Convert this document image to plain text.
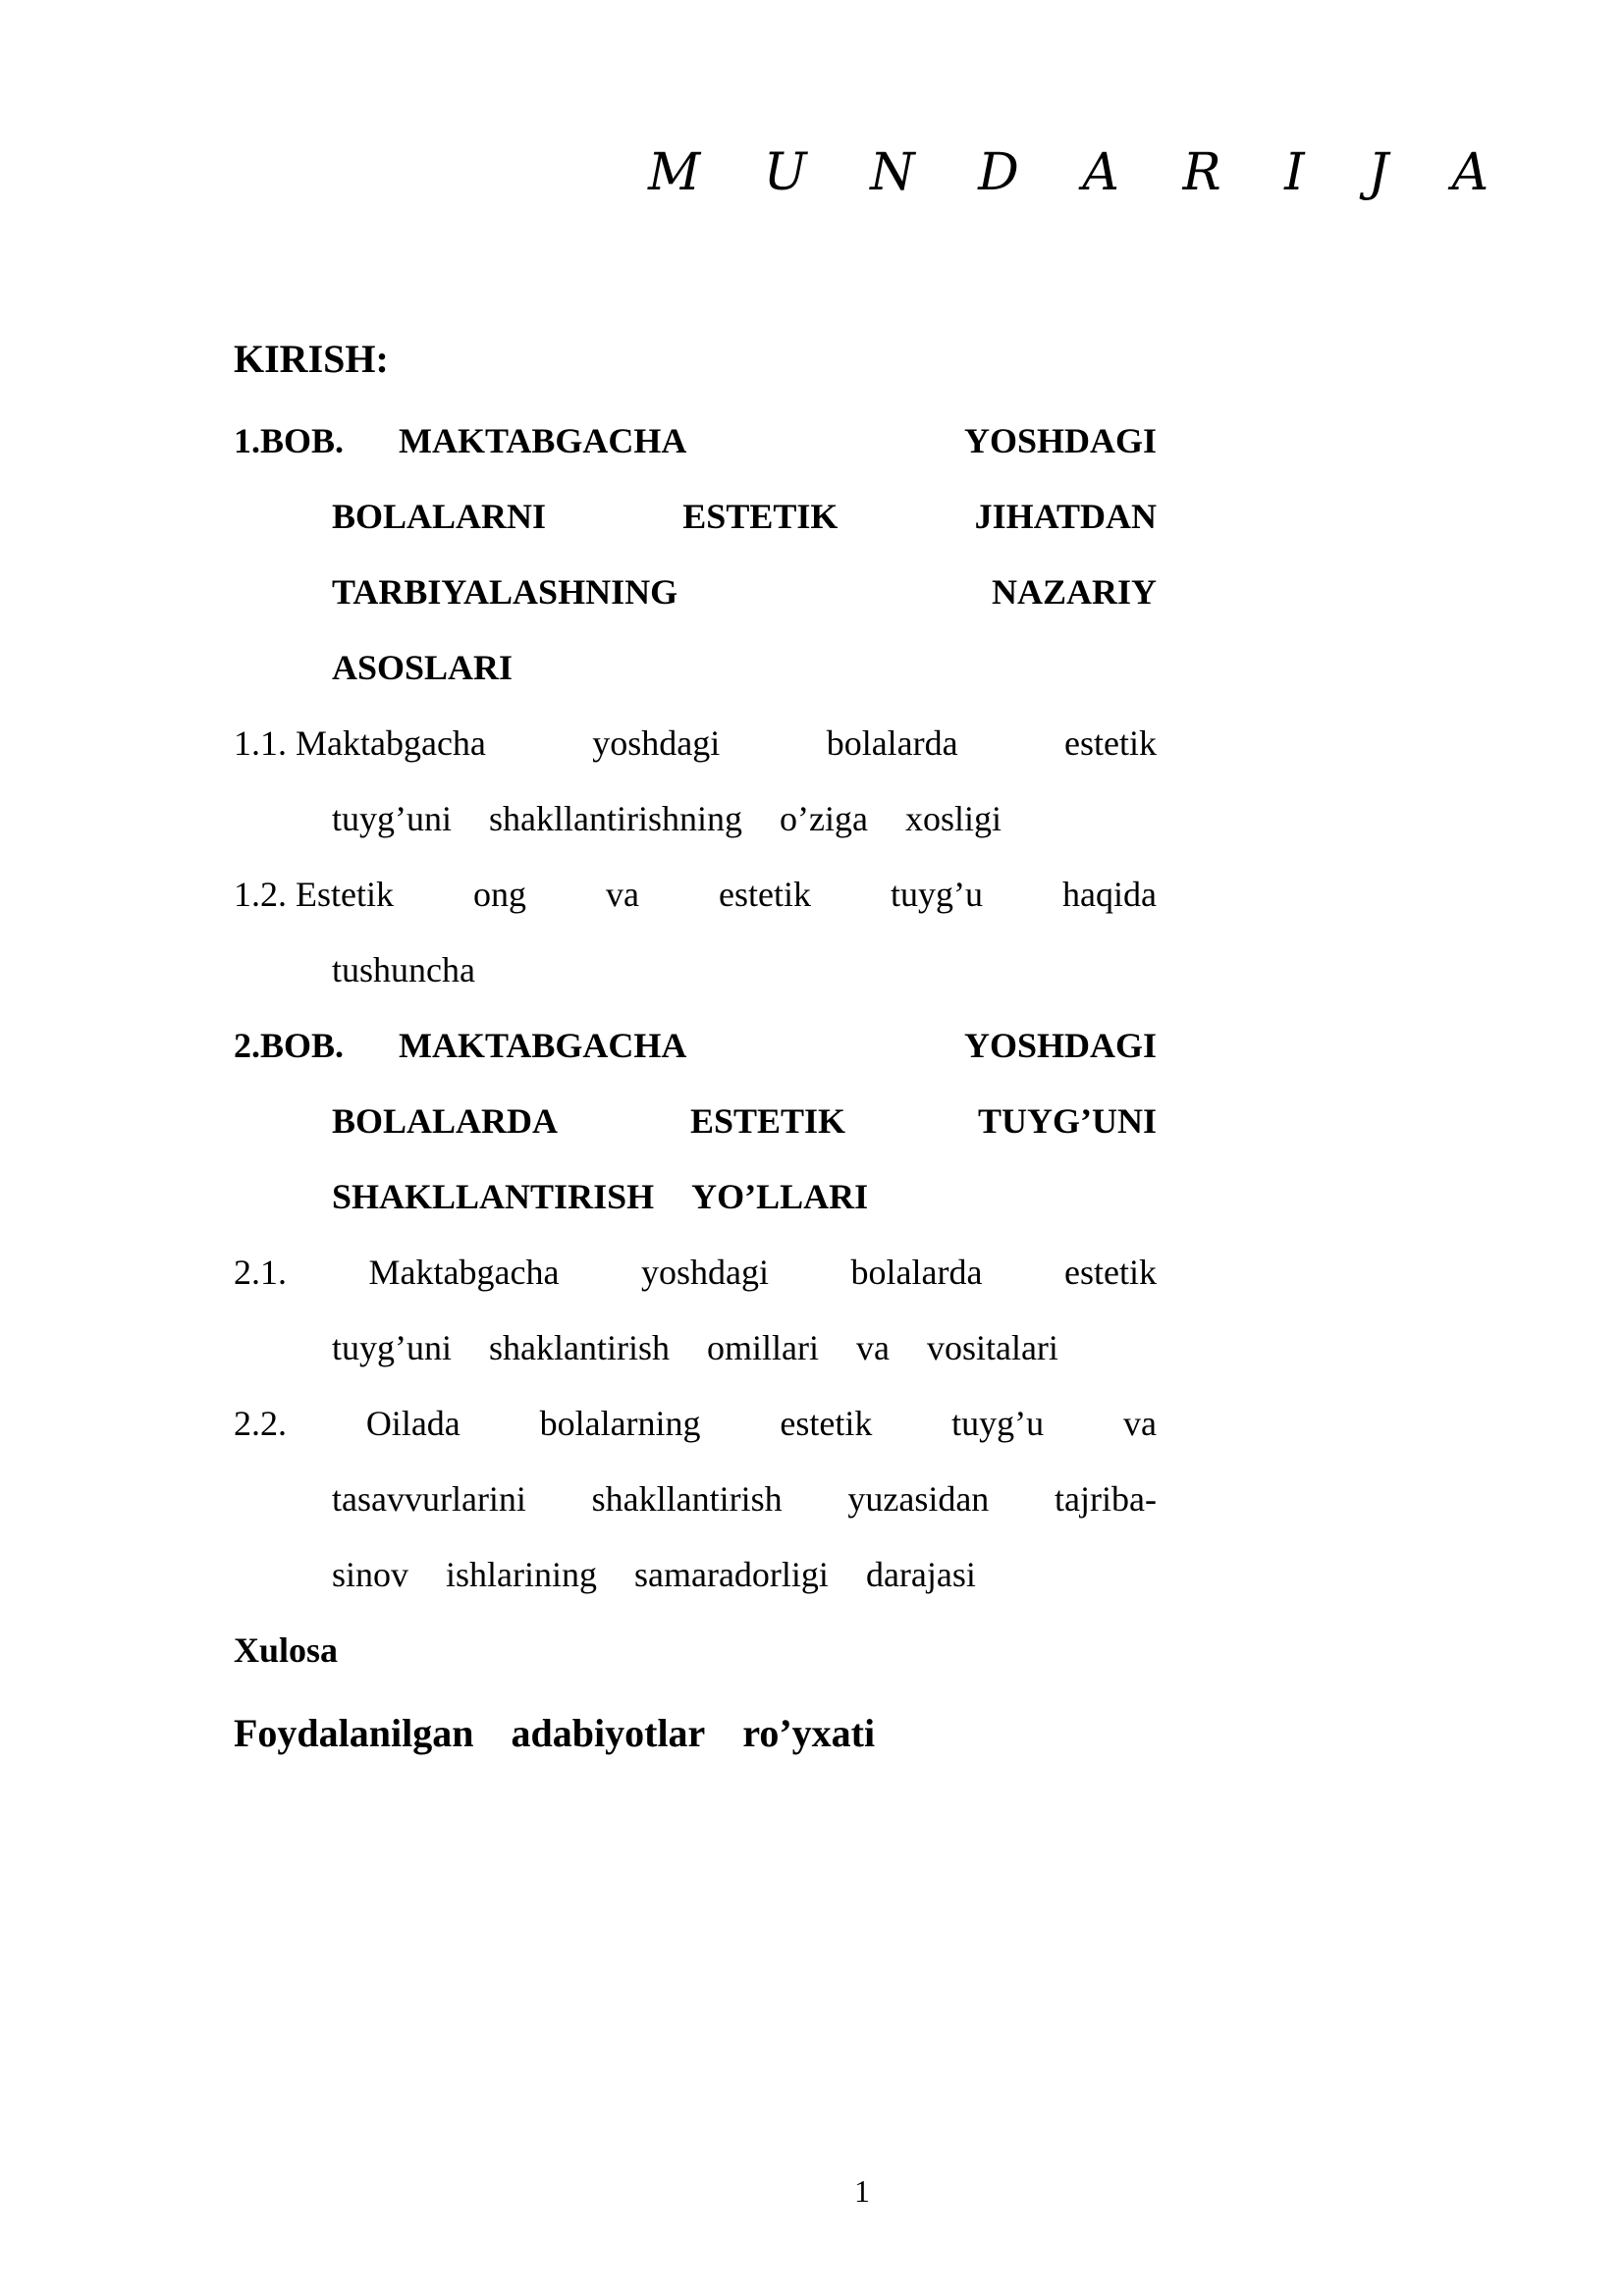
M U N D A R I J A
KIRISH:
1.BOB. MAKTABGACHA	YOSHDAGI
BOLALARNI	ESTETIK	JIHATDAN
TARBIYALASHNING	NAZARIY
ASOSLARI
1.1. Maktabgacha	yoshdagi	bolalarda	estetik
tuyg’uni shakllantirishning o’ziga xosligi
1.2. Estetik ong va estetik tuyg’u haqida
tushuncha
2.BOB. MAKTABGACHA	YOSHDAGI
BOLALARDA	ESTETIK	TUYG’UNI
SHAKLLANTIRISH YO’LLARI
2.1. Maktabgacha yoshdagi bolalarda estetik
tuyg’uni shaklantirish omillari va vositalari
2.2. Oilada bolalarning estetik tuyg’u va
tasavvurlarini shakllantirish yuzasidan tajriba-
sinov ishlarining samaradorligi darajasi
Xulosa
Foydalanilgan adabiyotlar ro’yxati
1
